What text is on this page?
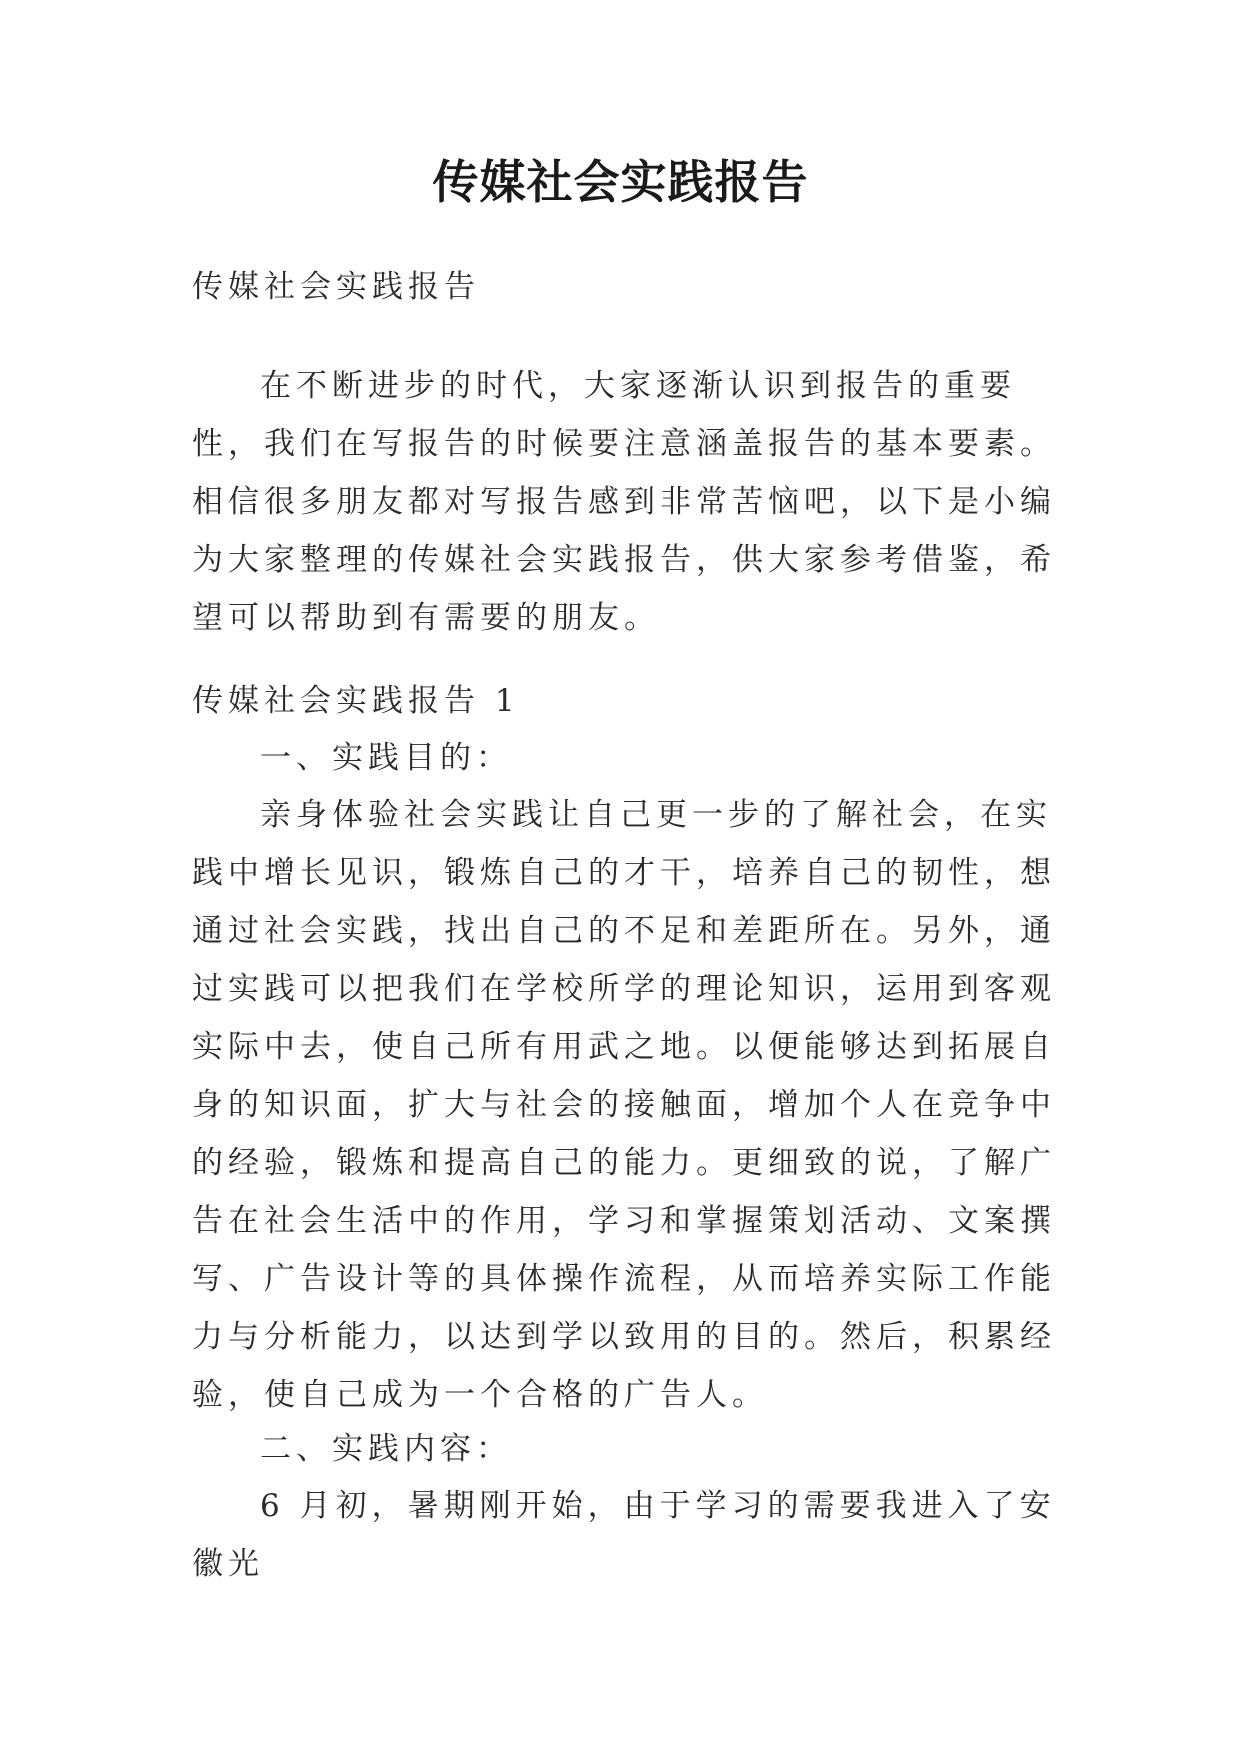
传媒社会实践报告

传媒社会实践报告

在不断进步的时代，大家逐渐认识到报告的重要性，我们在写报告的时候要注意涵盖报告的基本要素。相信很多朋友都对写报告感到非常苦恼吧，以下是小编为大家整理的传媒社会实践报告，供大家参考借鉴，希望可以帮助到有需要的朋友。

传媒社会实践报告 1

一、实践目的：

亲身体验社会实践让自己更一步的了解社会，在实践中增长见识，锻炼自己的才干，培养自己的韧性，想通过社会实践，找出自己的不足和差距所在。另外，通过实践可以把我们在学校所学的理论知识，运用到客观实际中去，使自己所有用武之地。以便能够达到拓展自身的知识面，扩大与社会的接触面，增加个人在竞争中的经验，锻炼和提高自己的能力。更细致的说，了解广告在社会生活中的作用，学习和掌握策划活动、文案撰写、广告设计等的具体操作流程，从而培养实际工作能力与分析能力，以达到学以致用的目的。然后，积累经验，使自己成为一个合格的广告人。

二、实践内容：

6 月初，暑期刚开始，由于学习的需要我进入了安徽光
